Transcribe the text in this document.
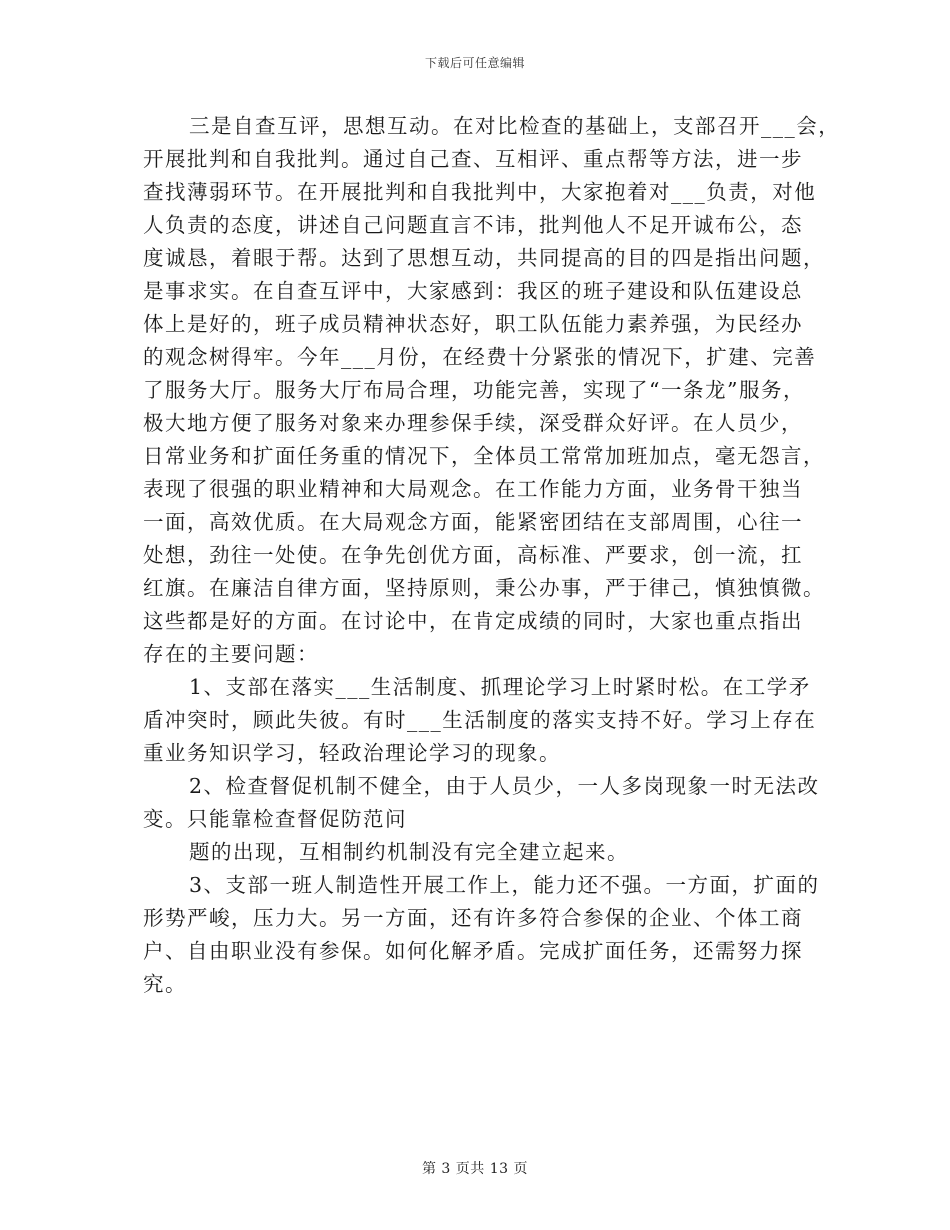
下载后可任意编辑
三是自查互评，思想互动。在对比检查的基础上，支部召开___会，
开展批判和自我批判。通过自己查、互相评、重点帮等方法，进一步
查找薄弱环节。在开展批判和自我批判中，大家抱着对___负责，对他
人负责的态度，讲述自己问题直言不讳，批判他人不足开诚布公，态
度诚恳，着眼于帮。达到了思想互动，共同提高的目的四是指出问题，
是事求实。在自查互评中，大家感到：我区的班子建设和队伍建设总
体上是好的，班子成员精神状态好，职工队伍能力素养强，为民经办
的观念树得牢。今年___月份，在经费十分紧张的情况下，扩建、完善
了服务大厅。服务大厅布局合理，功能完善，实现了“一条龙”服务，
极大地方便了服务对象来办理参保手续，深受群众好评。在人员少，
日常业务和扩面任务重的情况下，全体员工常常加班加点，毫无怨言，
表现了很强的职业精神和大局观念。在工作能力方面，业务骨干独当
一面，高效优质。在大局观念方面，能紧密团结在支部周围，心往一
处想，劲往一处使。在争先创优方面，高标准、严要求，创一流，扛
红旗。在廉洁自律方面，坚持原则，秉公办事，严于律己，慎独慎微。
这些都是好的方面。在讨论中，在肯定成绩的同时，大家也重点指出
存在的主要问题：
1、支部在落实___生活制度、抓理论学习上时紧时松。在工学矛
盾冲突时，顾此失彼。有时___生活制度的落实支持不好。学习上存在
重业务知识学习，轻政治理论学习的现象。
2、检查督促机制不健全，由于人员少，一人多岗现象一时无法改
变。只能靠检查督促防范问
题的出现，互相制约机制没有完全建立起来。
3、支部一班人制造性开展工作上，能力还不强。一方面，扩面的
形势严峻，压力大。另一方面，还有许多符合参保的企业、个体工商
户、自由职业没有参保。如何化解矛盾。完成扩面任务，还需努力探
究。
第 3 页共 13 页
